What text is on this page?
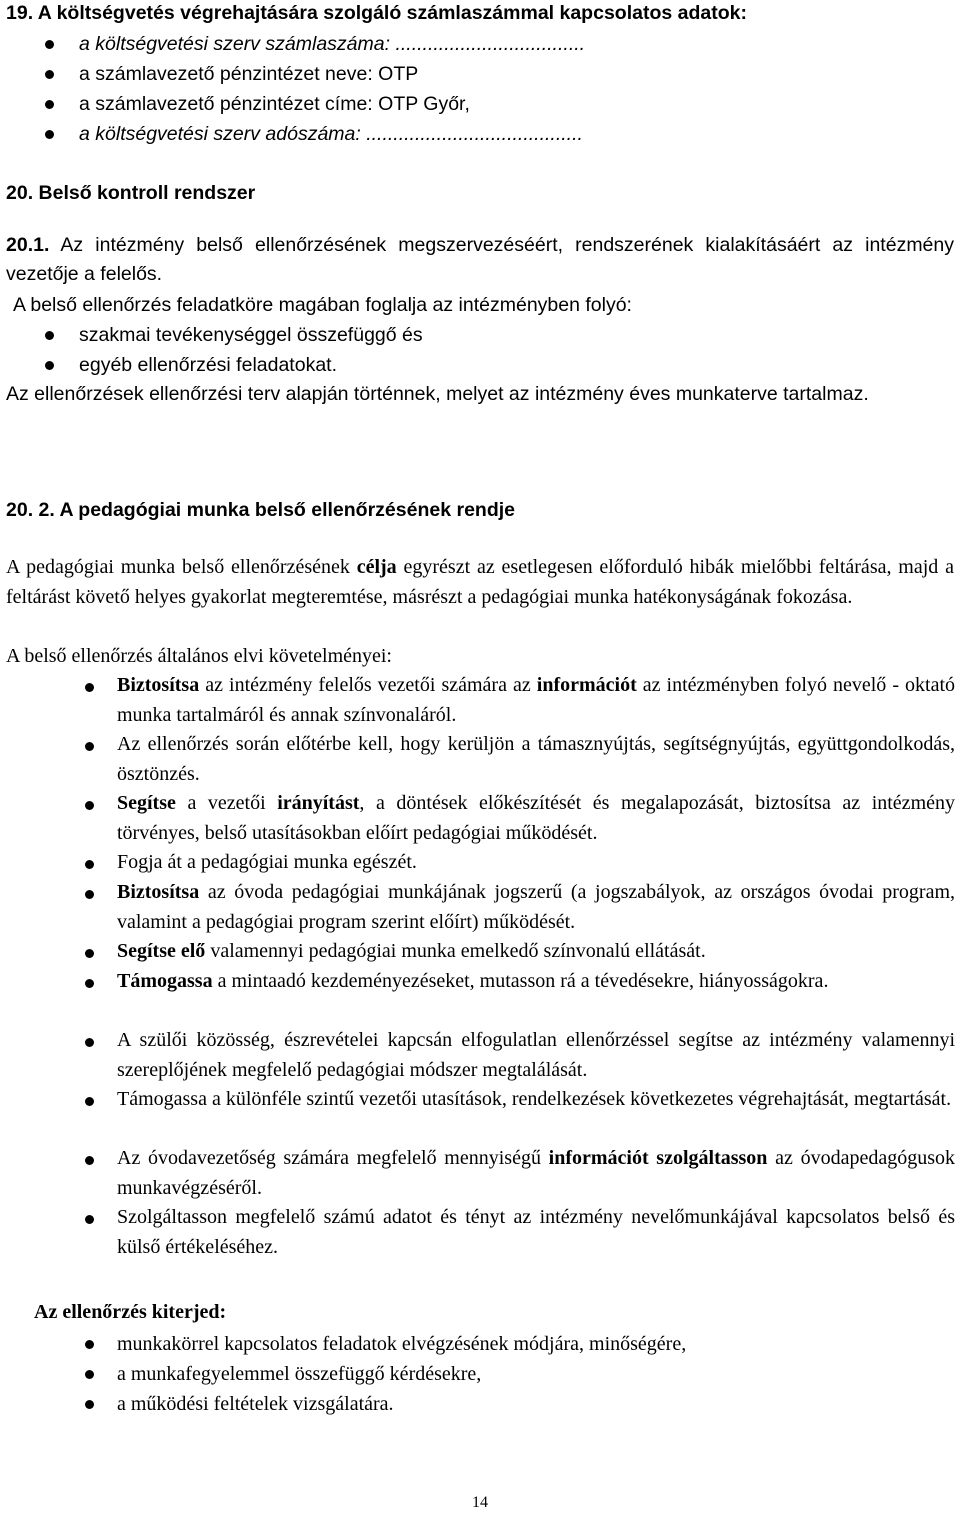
19. A költségvetés végrehajtására szolgáló számlaszámmal kapcsolatos adatok:
a költségvetési szerv számlaszáma: ...................................
a számlavezető pénzintézet neve: OTP
a számlavezető pénzintézet címe: OTP Győr,
a költségvetési szerv adószáma: ........................................
20. Belső kontroll rendszer
20.1. Az intézmény belső ellenőrzésének megszervezéséért, rendszerének kialakításáért az intézmény vezetője a felelős.
A belső ellenőrzés feladatköre magában foglalja az intézményben folyó:
szakmai tevékenységgel összefüggő és
egyéb ellenőrzési feladatokat.
Az ellenőrzések ellenőrzési terv alapján történnek, melyet az intézmény éves munkaterve tartalmaz.
20. 2. A pedagógiai munka belső ellenőrzésének rendje
A pedagógiai munka belső ellenőrzésének célja egyrészt az esetlegesen előforduló hibák mielőbbi feltárása, majd a feltárást követő helyes gyakorlat megteremtése, másrészt a pedagógiai munka hatékonyságának fokozása.
A belső ellenőrzés általános elvi követelményei:
Biztosítsa az intézmény felelős vezetői számára az információt az intézményben folyó nevelő - oktató munka tartalmáról és annak színvonaláról.
Az ellenőrzés során előtérbe kell, hogy kerüljön a támasznyújtás, segítségnyújtás, együttgondolkodás, ösztönzés.
Segítse a vezetői irányítást, a döntések előkészítését és megalapozását, biztosítsa az intézmény törvényes, belső utasításokban előírt pedagógiai működését.
Fogja át a pedagógiai munka egészét.
Biztosítsa az óvoda pedagógiai munkájának jogszerű (a jogszabályok, az országos óvodai program, valamint a pedagógiai program szerint előírt) működését.
Segítse elő valamennyi pedagógiai munka emelkedő színvonalú ellátását.
Támogassa a mintaadó kezdeményezéseket, mutasson rá a tévedésekre, hiányosságokra.
A szülői közösség, észrevételei kapcsán elfogulatlan ellenőrzéssel segítse az intézmény valamennyi szereplőjének megfelelő pedagógiai módszer megtalálását.
Támogassa a különféle szintű vezetői utasítások, rendelkezések következetes végrehajtását, megtartását.
Az óvodavezetőség számára megfelelő mennyiségű információt szolgáltasson az óvodapedagógusok munkavégzéséről.
Szolgáltasson megfelelő számú adatot és tényt az intézmény nevelőmunkájával kapcsolatos belső és külső értékeléséhez.
Az ellenőrzés kiterjed:
munkakörrel kapcsolatos feladatok elvégzésének módjára, minőségére,
a munkafegyelemmel összefüggő kérdésekre,
a működési feltételek vizsgálatára.
14
